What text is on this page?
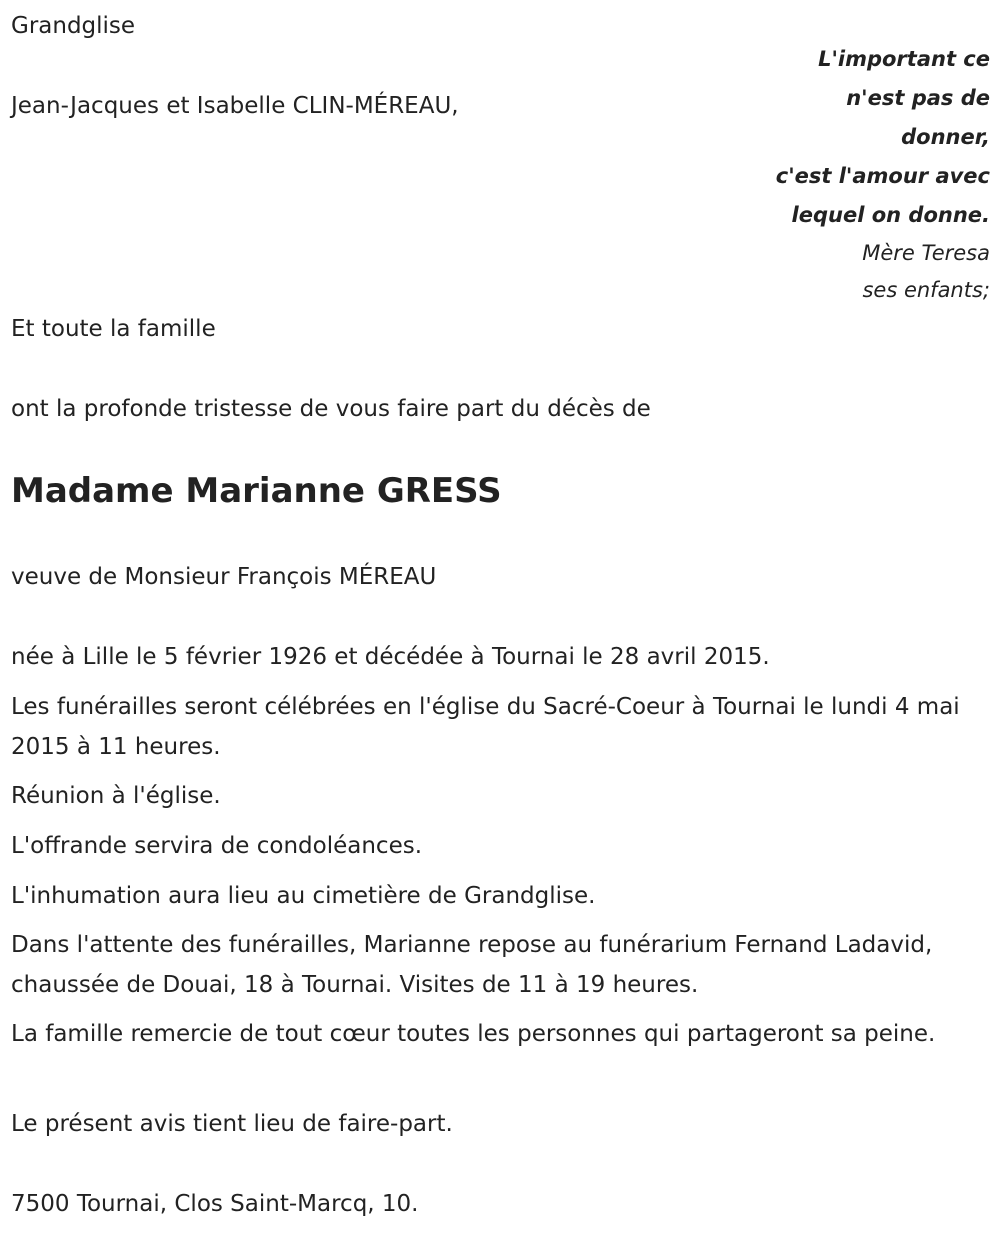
Grandglise
Jean-Jacques et Isabelle CLIN-MÉREAU,
L'important ce
n'est pas de
donner,
c'est l'amour avec
lequel on donne.
Mère Teresa
ses enfants;
Et toute la famille
ont la profonde tristesse de vous faire part du décès de
Madame Marianne GRESS
veuve de Monsieur François MÉREAU
née à Lille le 5 février 1926 et décédée à Tournai le 28 avril 2015.
Les funérailles seront célébrées en l'église du Sacré-Coeur à Tournai le lundi 4 mai 2015 à 11 heures.
Réunion à l'église.
L'offrande servira de condoléances.
L'inhumation aura lieu au cimetière de Grandglise.
Dans l'attente des funérailles, Marianne repose au funérarium Fernand Ladavid, chaussée de Douai, 18 à Tournai. Visites de 11 à 19 heures.
La famille remercie de tout cœur toutes les personnes qui partageront sa peine.
Le présent avis tient lieu de faire-part.
7500 Tournai, Clos Saint-Marcq, 10.
